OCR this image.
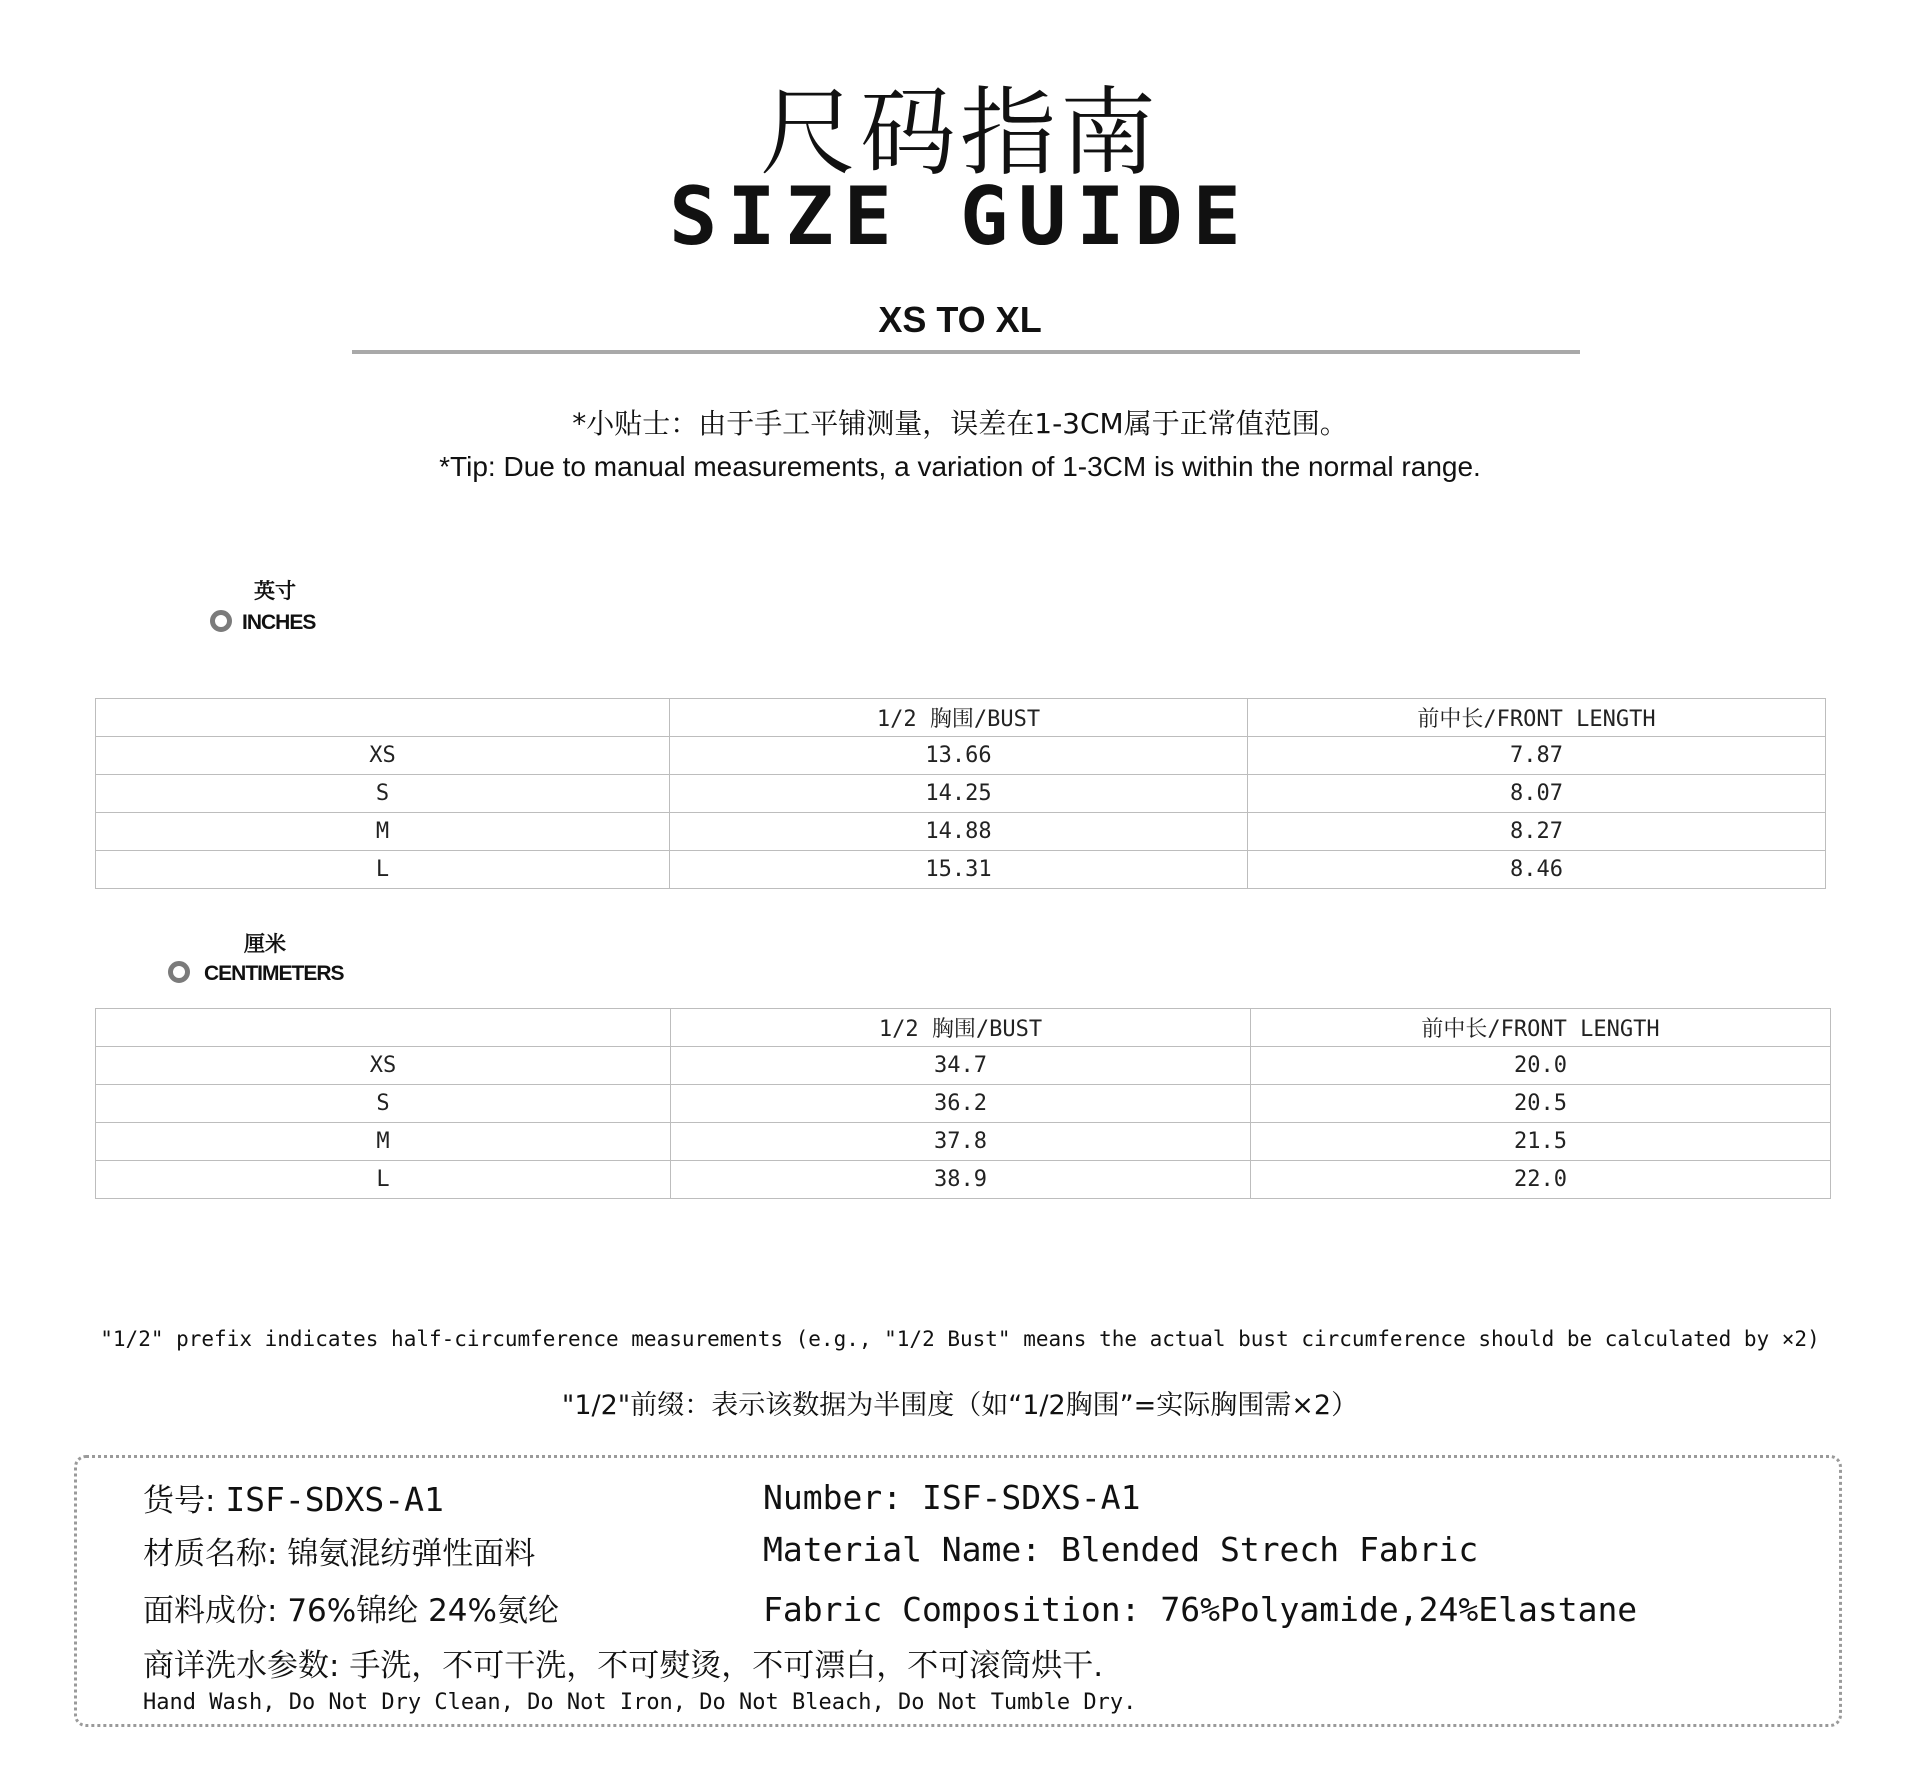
尺码指南
SIZE GUIDE
XS TO XL
*小贴士：由于手工平铺测量，误差在1-3CM属于正常值范围。
*Tip: Due to manual measurements, a variation of 1-3CM is within the normal range.
英寸
INCHES
	1/2 胸围/BUST	前中长/FRONT LENGTH
XS	13.66	7.87
S	14.25	8.07
M	14.88	8.27
L	15.31	8.46
厘米
CENTIMETERS
	1/2 胸围/BUST	前中长/FRONT LENGTH
XS	34.7	20.0
S	36.2	20.5
M	37.8	21.5
L	38.9	22.0
"1/2" prefix indicates half-circumference measurements (e.g., "1/2 Bust" means the actual bust circumference should be calculated by ×2)
"1/2"前缀：表示该数据为半围度（如“1/2胸围”=实际胸围需×2）
货号: ISF-SDXS-A1	Number: ISF-SDXS-A1
材质名称: 锦氨混纺弹性面料	Material Name: Blended Strech Fabric
面料成份: 76%锦纶 24%氨纶	Fabric Composition: 76%Polyamide,24%Elastane
商详洗水参数: 手洗，不可干洗，不可熨烫，不可漂白，不可滚筒烘干.
Hand Wash, Do Not Dry Clean, Do Not Iron, Do Not Bleach, Do Not Tumble Dry.
